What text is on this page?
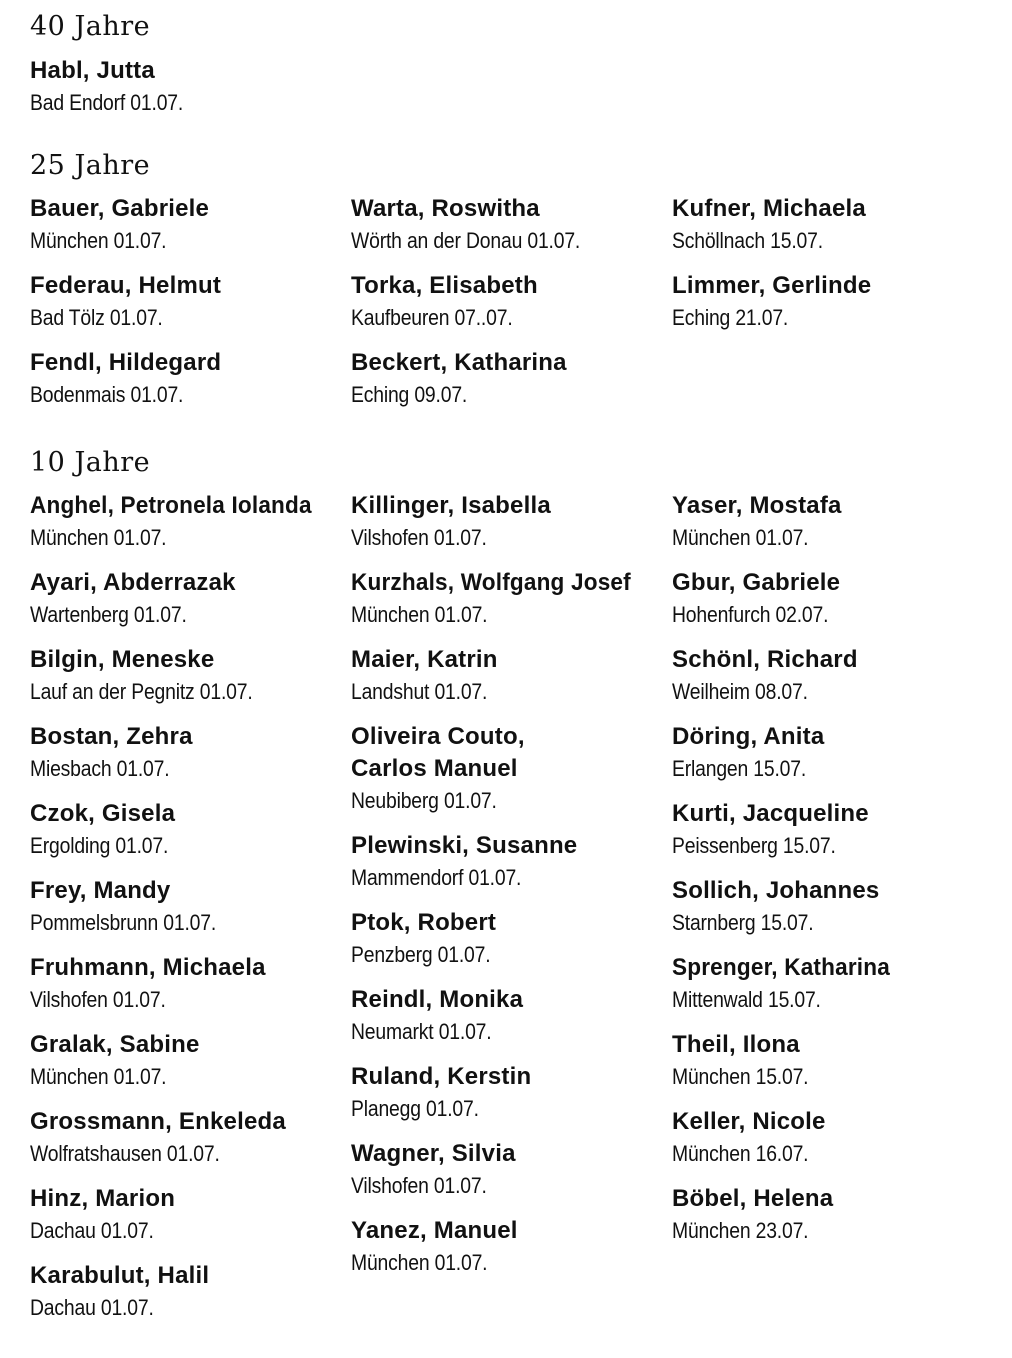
40 Jahre
Habl, Jutta
Bad Endorf 01.07.
25 Jahre
Bauer, Gabriele
München 01.07.
Federau, Helmut
Bad Tölz 01.07.
Fendl, Hildegard
Bodenmais 01.07.
Warta, Roswitha
Wörth an der Donau 01.07.
Torka, Elisabeth
Kaufbeuren 07..07.
Beckert, Katharina
Eching 09.07.
Kufner, Michaela
Schöllnach 15.07.
Limmer, Gerlinde
Eching 21.07.
10 Jahre
Anghel, Petronela Iolanda
München 01.07.
Ayari, Abderrazak
Wartenberg 01.07.
Bilgin, Meneske
Lauf an der Pegnitz 01.07.
Bostan, Zehra
Miesbach 01.07.
Czok, Gisela
Ergolding 01.07.
Frey, Mandy
Pommelsbrunn 01.07.
Fruhmann, Michaela
Vilshofen 01.07.
Gralak, Sabine
München 01.07.
Grossmann, Enkeleda
Wolfratshausen 01.07.
Hinz, Marion
Dachau 01.07.
Karabulut, Halil
Dachau 01.07.
Killinger, Isabella
Vilshofen 01.07.
Kurzhals, Wolfgang Josef
München 01.07.
Maier, Katrin
Landshut 01.07.
Oliveira Couto,
Carlos Manuel
Neubiberg 01.07.
Plewinski, Susanne
Mammendorf 01.07.
Ptok, Robert
Penzberg 01.07.
Reindl, Monika
Neumarkt 01.07.
Ruland, Kerstin
Planegg 01.07.
Wagner, Silvia
Vilshofen 01.07.
Yanez, Manuel
München 01.07.
Yaser, Mostafa
München 01.07.
Gbur, Gabriele
Hohenfurch 02.07.
Schönl, Richard
Weilheim 08.07.
Döring, Anita
Erlangen 15.07.
Kurti, Jacqueline
Peissenberg 15.07.
Sollich, Johannes
Starnberg 15.07.
Sprenger, Katharina
Mittenwald 15.07.
Theil, Ilona
München 15.07.
Keller, Nicole
München 16.07.
Böbel, Helena
München 23.07.
